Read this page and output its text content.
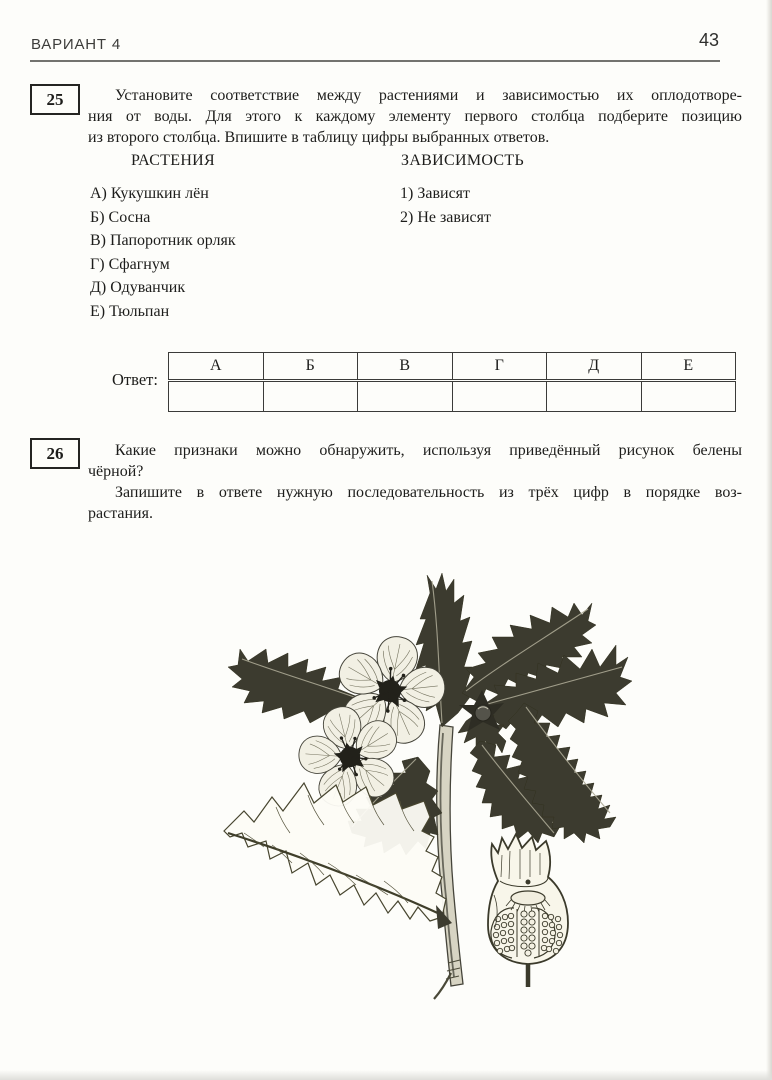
ВАРИАНТ 4	43
25	Установите соответствие между растениями и зависимостью их оплодотворе-
ния от воды. Для этого к каждому элементу первого столбца подберите позицию
из второго столбца. Впишите в таблицу цифры выбранных ответов.
РАСТЕНИЯ	ЗАВИСИМОСТЬ
А) Кукушкин лён
Б) Сосна
В) Папоротник орляк
Г) Сфагнум
Д) Одуванчик
Е) Тюльпан
1) Зависят
2) Не зависят
Ответ:
А	Б	В	Г	Д	Е

26	Какие признаки можно обнаружить, используя приведённый рисунок белены
чёрной?
Запишите в ответе нужную последовательность из трёх цифр в порядке воз-
растания.
